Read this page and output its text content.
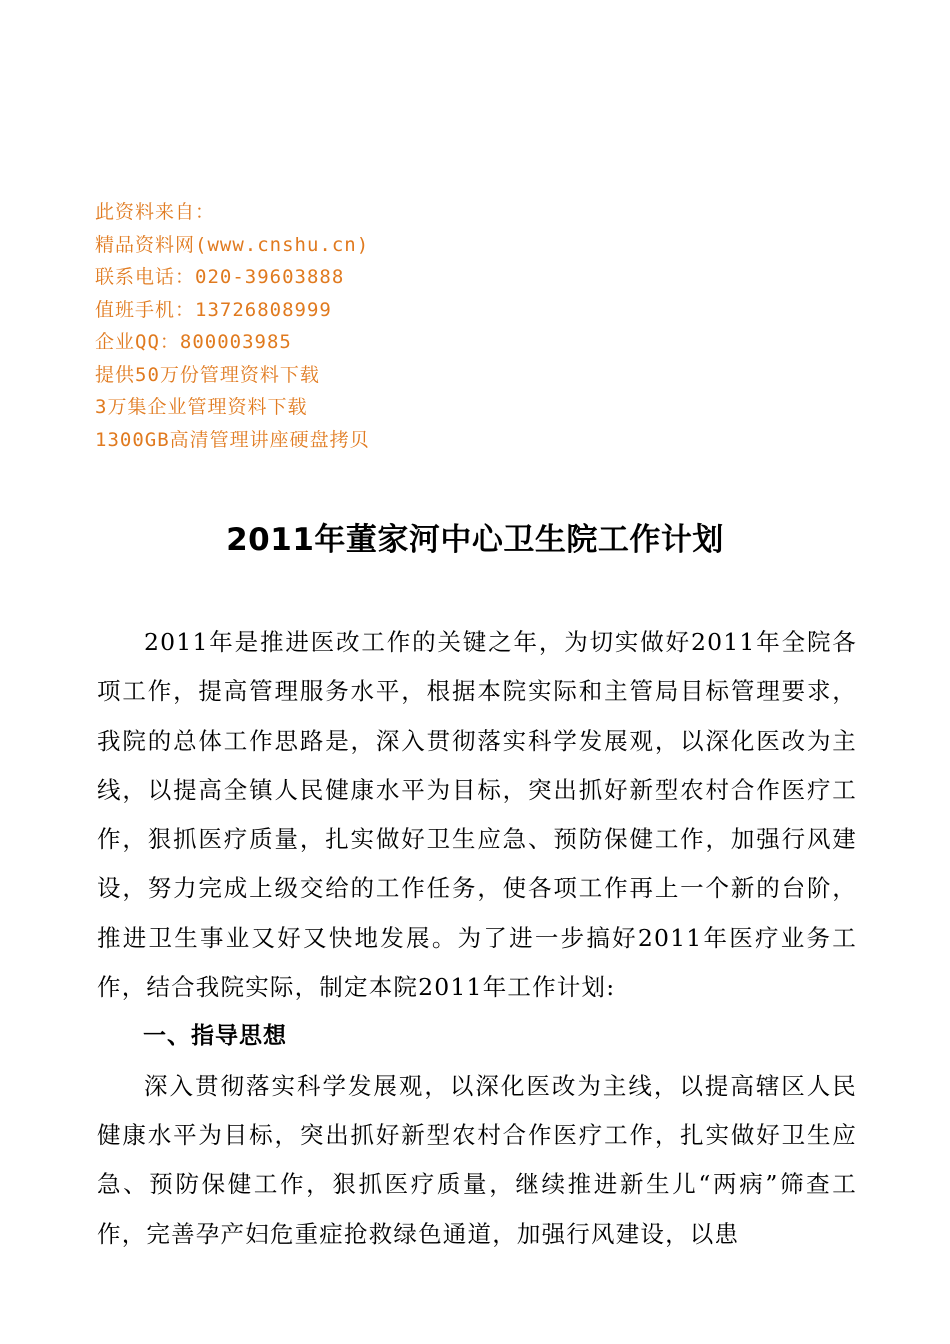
此资料来自：
精品资料网(www.cnshu.cn)
联系电话：020-39603888
值班手机：13726808999
企业QQ：800003985
提供50万份管理资料下载
3万集企业管理资料下载
1300GB高清管理讲座硬盘拷贝
2011年董家河中心卫生院工作计划

2011年是推进医改工作的关键之年，为切实做好2011年全院各项工作，提高管理服务水平，根据本院实际和主管局目标管理要求，我院的总体工作思路是，深入贯彻落实科学发展观，以深化医改为主线，以提高全镇人民健康水平为目标，突出抓好新型农村合作医疗工作，狠抓医疗质量，扎实做好卫生应急、预防保健工作，加强行风建设，努力完成上级交给的工作任务，使各项工作再上一个新的台阶，推进卫生事业又好又快地发展。为了进一步搞好2011年医疗业务工作，结合我院实际，制定本院2011年工作计划:

一、指导思想

深入贯彻落实科学发展观，以深化医改为主线，以提高辖区人民健康水平为目标，突出抓好新型农村合作医疗工作，扎实做好卫生应急、预防保健工作，狠抓医疗质量，继续推进新生儿“两病”筛查工作，完善孕产妇危重症抢救绿色通道，加强行风建设，以患
